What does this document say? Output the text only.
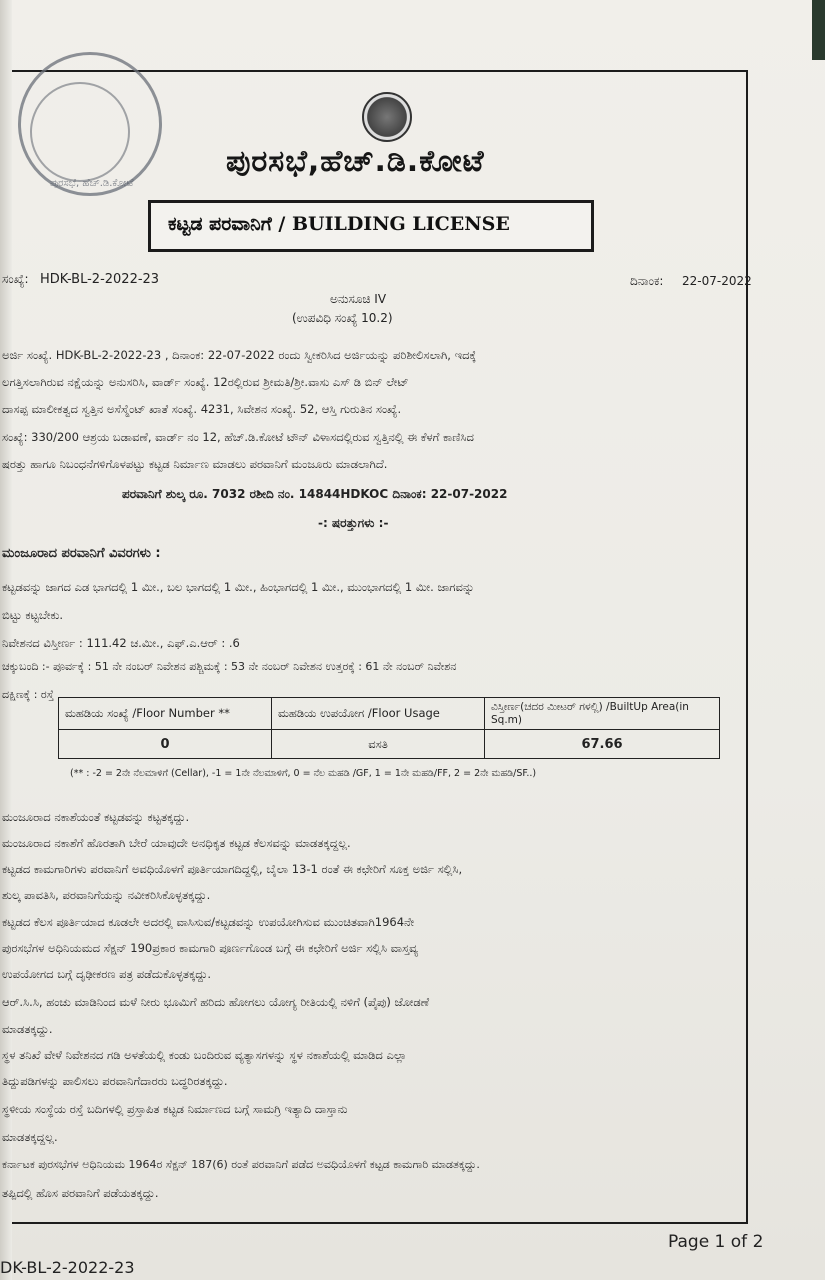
ಪುರಸಭೆ, ಹೆಚ್.ಡಿ.ಕೋಟೆ
ಪುರಸಭೆ,ಹೆಚ್.ಡಿ.ಕೋಟೆ
ಕಟ್ಟಡ ಪರವಾನಿಗೆ / BUILDING LICENSE
ಸಂಖ್ಯೆ: HDK-BL-2-2022-23	ದಿನಾಂಕ: 22-07-2022
ಅನುಸೂಚಿ IV
(ಉಪವಿಧಿ ಸಂಖ್ಯೆ 10.2)
ಅರ್ಜಿ ಸಂಖ್ಯೆ. HDK-BL-2-2022-23 , ದಿನಾಂಕ: 22-07-2022 ರಂದು ಸ್ವೀಕರಿಸಿದ ಅರ್ಜಿಯನ್ನು ಪರಿಶೀಲಿಸಲಾಗಿ, ಇದಕ್ಕೆ
ಲಗತ್ತಿಸಲಾಗಿರುವ ನಕ್ಷೆಯನ್ನು ಅನುಸರಿಸಿ, ವಾರ್ಡ್ ಸಂಖ್ಯೆ. 12ರಲ್ಲಿರುವ ಶ್ರೀಮತಿ/ಶ್ರೀ.ವಾಸು ಎಸ್ ಡಿ ಬಿನ್ ಲೇಟ್
ದಾಸಪ್ಪ ಮಾಲೀಕತ್ವದ ಸ್ವತ್ತಿನ ಅಸೆಸ್ಮೆಂಟ್ ಖಾತೆ ಸಂಖ್ಯೆ. 4231, ಸಿವೇಶನ ಸಂಖ್ಯೆ. 52, ಆಸ್ತಿ ಗುರುತಿನ ಸಂಖ್ಯೆ.
ಸಂಖ್ಯೆ: 330/200 ಆಶ್ರಯ ಬಡಾವಣೆ, ವಾರ್ಡ್ ನಂ 12, ಹೆಚ್.ಡಿ.ಕೋಟೆ ಟೌನ್ ವಿಳಾಸದಲ್ಲಿರುವ ಸ್ವತ್ತಿನಲ್ಲಿ ಈ ಕೆಳಗೆ ಕಾಣಿಸಿದ
ಷರತ್ತು ಹಾಗೂ ನಿಬಂಧನೆಗಳಿಗೊಳಪಟ್ಟು ಕಟ್ಟಡ ನಿರ್ಮಾಣ ಮಾಡಲು ಪರವಾನಿಗೆ ಮಂಜೂರು ಮಾಡಲಾಗಿದೆ.
ಪರವಾನಿಗೆ ಶುಲ್ಕ ರೂ. 7032 ರಶೀದಿ ನಂ. 14844HDKOC ದಿನಾಂಕ: 22-07-2022
-: ಷರತ್ತುಗಳು :-
ಮಂಜೂರಾದ ಪರವಾನಿಗೆ ವಿವರಗಳು :
ಕಟ್ಟಡವನ್ನು ಜಾಗದ ಎಡ ಭಾಗದಲ್ಲಿ 1 ಮೀ., ಬಲ ಭಾಗದಲ್ಲಿ 1 ಮೀ., ಹಿಂಭಾಗದಲ್ಲಿ 1 ಮೀ., ಮುಂಭಾಗದಲ್ಲಿ 1 ಮೀ. ಜಾಗವನ್ನು
ಬಿಟ್ಟು ಕಟ್ಟಬೇಕು.
ನಿವೇಶನದ ವಿಸ್ತೀರ್ಣ : 111.42 ಚ.ಮೀ., ಎಫ್.ಎ.ಆರ್ : .6
ಚಕ್ಕುಬಂದಿ :- ಪೂರ್ವಕ್ಕೆ : 51 ನೇ ನಂಬರ್ ನಿವೇಶನ ಪಶ್ಚಿಮಕ್ಕೆ : 53 ನೇ ನಂಬರ್ ನಿವೇಶನ ಉತ್ತರಕ್ಕೆ : 61 ನೇ ನಂಬರ್ ನಿವೇಶನ
ದಕ್ಷಿಣಕ್ಕೆ : ರಸ್ತೆ
ಮಹಡಿಯ ಸಂಖ್ಯೆ /Floor Number **	ಮಹಡಿಯ ಉಪಯೋಗ /Floor Usage	ವಿಸ್ತೀರ್ಣ(ಚದರ ಮೀಟರ್ ಗಳಲ್ಲಿ) /BuiltUp Area(in Sq.m)
0	ವಸತಿ	67.66
(** : -2 = 2ನೇ ನೆಲಮಾಳಿಗೆ (Cellar), -1 = 1ನೇ ನೆಲಮಾಳಿಗೆ, 0 = ನೆಲ ಮಹಡಿ /GF, 1 = 1ನೇ ಮಹಡಿ/FF, 2 = 2ನೇ ಮಹಡಿ/SF..)
ಮಂಜೂರಾದ ನಕಾಶೆಯಂತೆ ಕಟ್ಟಡವನ್ನು ಕಟ್ಟತಕ್ಕದ್ದು.
ಮಂಜೂರಾದ ನಕಾಶೆಗೆ ಹೊರತಾಗಿ ಬೇರೆ ಯಾವುದೇ ಅನಧಿಕೃತ ಕಟ್ಟಡ ಕೆಲಸವನ್ನು ಮಾಡತಕ್ಕದ್ದಲ್ಲ.
ಕಟ್ಟಡದ ಕಾಮಗಾರಿಗಳು ಪರವಾನಿಗೆ ಅವಧಿಯೊಳಗೆ ಪೂರ್ತಿಯಾಗದಿದ್ದಲ್ಲಿ, ಬೈಲಾ 13-1 ರಂತೆ ಈ ಕಛೇರಿಗೆ ಸೂಕ್ತ ಅರ್ಜಿ ಸಲ್ಲಿಸಿ,
ಶುಲ್ಕ ಪಾವತಿಸಿ, ಪರವಾನಿಗೆಯನ್ನು ನವೀಕರಿಸಿಕೊಳ್ಳತಕ್ಕದ್ದು.
ಕಟ್ಟಡದ ಕೆಲಸ ಪೂರ್ತಿಯಾದ ಕೂಡಲೇ ಅದರಲ್ಲಿ ವಾಸಿಸುವ/ಕಟ್ಟಡವನ್ನು ಉಪಯೋಗಿಸುವ ಮುಂಚಿತವಾಗಿ1964ನೇ
ಪುರಸಭೆಗಳ ಅಧಿನಿಯಮದ ಸೆಕ್ಷನ್ 190ಪ್ರಕಾರ ಕಾಮಗಾರಿ ಪೂರ್ಣಗೊಂಡ ಬಗ್ಗೆ ಈ ಕಛೇರಿಗೆ ಅರ್ಜಿ ಸಲ್ಲಿಸಿ ವಾಸ್ತವ್ಯ
ಉಪಯೋಗದ ಬಗ್ಗೆ ದೃಢೀಕರಣ ಪತ್ರ ಪಡೆದುಕೊಳ್ಳತಕ್ಕದ್ದು.
ಆರ್.ಸಿ.ಸಿ, ಹಂಚು ಮಾಡಿನಿಂದ ಮಳೆ ನೀರು ಭೂಮಿಗೆ ಹರಿದು ಹೋಗಲು ಯೋಗ್ಯ ರೀತಿಯಲ್ಲಿ ನಳಿಗೆ (ಪೈಪು) ಜೋಡಣೆ
ಮಾಡತಕ್ಕದ್ದು.
ಸ್ಥಳ ತನಿಖೆ ವೇಳೆ ನಿವೇಶನದ ಗಡಿ ಅಳತೆಯಲ್ಲಿ ಕಂಡು ಬಂದಿರುವ ವ್ಯತ್ಯಾಸಗಳನ್ನು ಸ್ಥಳ ನಕಾಶೆಯಲ್ಲಿ ಮಾಡಿದ ಎಲ್ಲಾ
ತಿದ್ದುಪಡಿಗಳನ್ನು ಪಾಲಿಸಲು ಪರವಾನಿಗೆದಾರರು ಬದ್ಧರಿರತಕ್ಕದ್ದು.
ಸ್ಥಳೀಯ ಸಂಸ್ಥೆಯ ರಸ್ತೆ ಬದಿಗಳಲ್ಲಿ ಪ್ರಸ್ತಾಪಿತ ಕಟ್ಟಡ ನಿರ್ಮಾಣದ ಬಗ್ಗೆ ಸಾಮಗ್ರಿ ಇತ್ಯಾದಿ ದಾಸ್ತಾನು
ಮಾಡತಕ್ಕದ್ದಲ್ಲ.
ಕರ್ನಾಟಕ ಪುರಸಭೆಗಳ ಅಧಿನಿಯಮ 1964ರ ಸೆಕ್ಷನ್ 187(6) ರಂತೆ ಪರವಾನಿಗೆ ಪಡೆದ ಅವಧಿಯೊಳಗೆ ಕಟ್ಟಡ ಕಾಮಗಾರಿ ಮಾಡತಕ್ಕದ್ದು.
ತಪ್ಪಿದಲ್ಲಿ ಹೊಸ ಪರವಾನಿಗೆ ಪಡೆಯತಕ್ಕದ್ದು.
Page 1 of 2
DK-BL-2-2022-23
